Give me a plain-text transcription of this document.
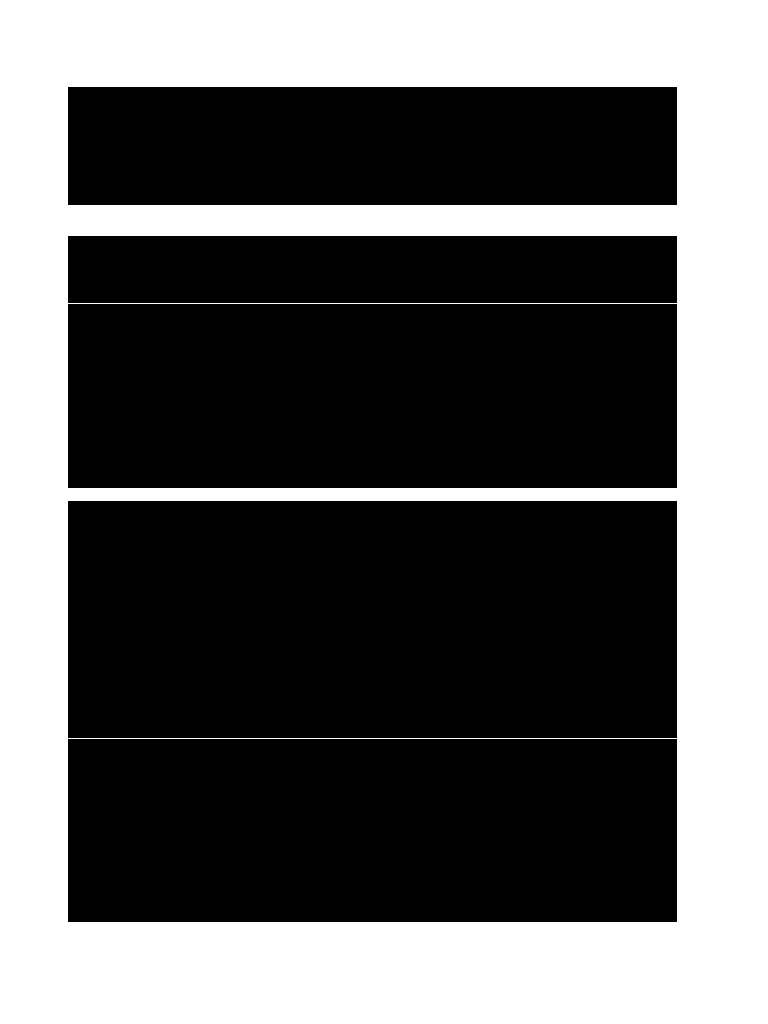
.
Apakah pengertian dari fiksasi jaringan ?
b. Apakah manfaat dan tujuan fiksasi terhadap jaringan ?
c. Bagaimaa efek fiksasi terhadap jaringan ?
d. Apa saja macam-macam fiksasi.
e. Apa saja jenis larutan fiksasi ?
f. Apakah pengaruh fiksasi terhadap pewarnaan ?
Definisi Histoteknik
Histoteknik adalah metoda atau cara atau proses untuk membuat sajian histologi dari
spesimen tertentu melalui suatu rangkaian proses hingga menjadi sajian yang siap untuk
diamati atau dianalisa (Hastuti, 2011).
2.3 Proses Pembuatan Sajian Histologi
Rangkaian proses pembuatan sajian histologi terdiri atas (Key, 2006).:
a. Fiksasi (Fixation)
b. Dehidrasi (Dehydration)
c. Pembeningan (Clearing)
d. Pembenaman (Impregnasi/Embedding)
e. Pengecoran (Blocking)
f. Pemotongan jaringan (Sectioning)
g. Pewarnaan (Staining)
h. Perekatan (Mounting)
i. Pelabelan (Labelling)
Efek Fiksasi Pada Jaringan
Beberapa efek fiksasi pada sampel yang berupa jaringan, yaitu (Mikel, 2004) :
a. Menghambat proses pembusukan dan autolysis
Fiksasi akan menghambat terjadinya pembusukan yang disebabkan oleh kuman pembusuk
dari dalam atau luar tubuh. Waktu pembusukan untuk setiap jaringan/organ adalah berbeda
tergantung pada konsistensi dan kandungan unsur penyusun jaringan. Usus dan otak sangat
rentan terhadap proses pembusukan dibandingkan dengan jaringan tubuh lainnya.
Pembusukan sering disertai oleh pembentukan gas yang berbau.
Autolisis adalah proses kerusakan jaringan tubuh yang disebabkan enzim-enzim proteolitik
yang terdapat pada sel/jaringan tersebut. Proses proteolitik ini akan lebih cepat terjadi pada
suhu tropik (24 – 36°C). Proses proteolitik juga lebih mudah terjadi di negeri tropis dibanding
dengan negeri iklim sub tropik. Untuk menghindari proses pembusukan dan autolisis,
jaringan harus segera dimasukkan ke dalam cairan fiksasi segera setelah kematian atau
diambil dari tubuh. Bila keadaan ini tidak memungkinkan, jaringan dapat disimpan sementara
dengan dibekukan dalam ruang bertemperatur dingin (freezer, -20°C) atau dengan nitrogen
cair (-70°C)
b. Pengawetan jaringan
c. Pengerasan jaringan
d. Pemadatan koloid
e. Fiksasi akan mengubah konsistensi sel yang setengah cair (sol) menjadi lebih padat (gel).
f. Diferensiasi optic
Fiksasi akan mengubah indeks refraksi berbagai unsur sel dan jaringan. Sebelum diwarnai,
struktur jaringan yang telah difiksasi akan lebih mudah dilihat dibandingkan dengan struktur
jaringan yang belum difiksasi.
